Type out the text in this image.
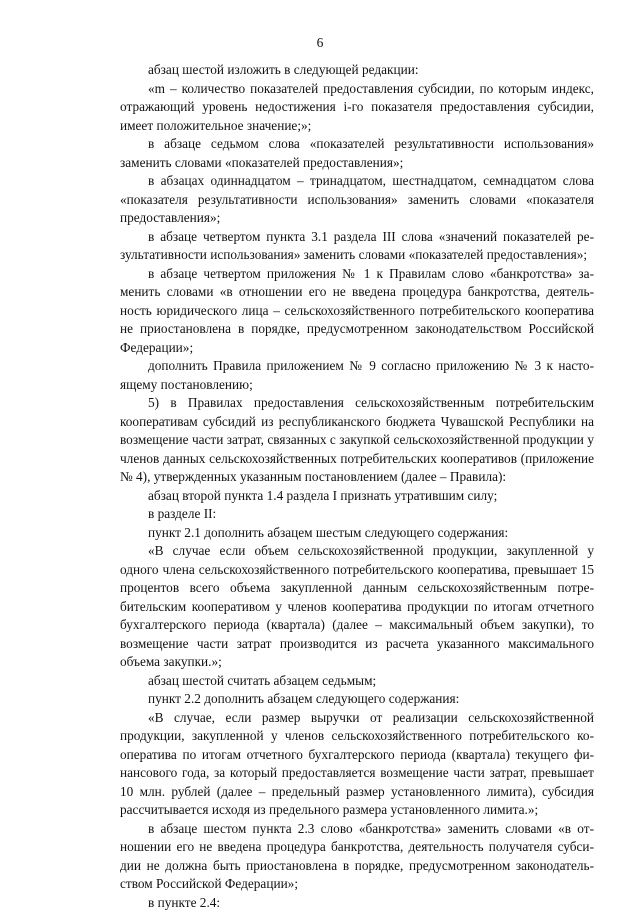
6

абзац шестой изложить в следующей редакции:

«m – количество показателей предоставления субсидии, по которым индекс, отражающий уровень недостижения i-го показателя предоставления субсидии, имеет положительное значение;»;

в абзаце седьмом слова «показателей результативности использования» заменить словами «показателей предоставления»;

в абзацах одиннадцатом – тринадцатом, шестнадцатом, семнадцатом слова «показателя результативности использования» заменить словами «показателя предоставления»;

в абзаце четвертом пункта 3.1 раздела III слова «значений показателей результативности использования» заменить словами «показателей предоставления»;

в абзаце четвертом приложения № 1 к Правилам слово «банкротства» заменить словами «в отношении его не введена процедура банкротства, деятельность юридического лица – сельскохозяйственного потребительского кооператива не приостановлена в порядке, предусмотренном законодательством Российской Федерации»;

дополнить Правила приложением № 9 согласно приложению № 3 к настоящему постановлению;

5) в Правилах предоставления сельскохозяйственным потребительским кооперативам субсидий из республиканского бюджета Чувашской Республики на возмещение части затрат, связанных с закупкой сельскохозяйственной продукции у членов данных сельскохозяйственных потребительских кооперативов (приложение № 4), утвержденных указанным постановлением (далее – Правила):

абзац второй пункта 1.4 раздела I признать утратившим силу;

в разделе II:

пункт 2.1 дополнить абзацем шестым следующего содержания:

«В случае если объем сельскохозяйственной продукции, закупленной у одного члена сельскохозяйственного потребительского кооператива, превышает 15 процентов всего объема закупленной данным сельскохозяйственным потребительским кооперативом у членов кооператива продукции по итогам отчетного бухгалтерского периода (квартала) (далее – максимальный объем закупки), то возмещение части затрат производится из расчета указанного максимального объема закупки.»;

абзац шестой считать абзацем седьмым;

пункт 2.2 дополнить абзацем следующего содержания:

«В случае, если размер выручки от реализации сельскохозяйственной продукции, закупленной у членов сельскохозяйственного потребительского кооператива по итогам отчетного бухгалтерского периода (квартала) текущего финансового года, за который предоставляется возмещение части затрат, превышает 10 млн. рублей (далее – предельный размер установленного лимита), субсидия рассчитывается исходя из предельного размера установленного лимита.»;

в абзаце шестом пункта 2.3 слово «банкротства» заменить словами «в отношении его не введена процедура банкротства, деятельность получателя субсидии не должна быть приостановлена в порядке, предусмотренном законодательством Российской Федерации»;

в пункте 2.4:
